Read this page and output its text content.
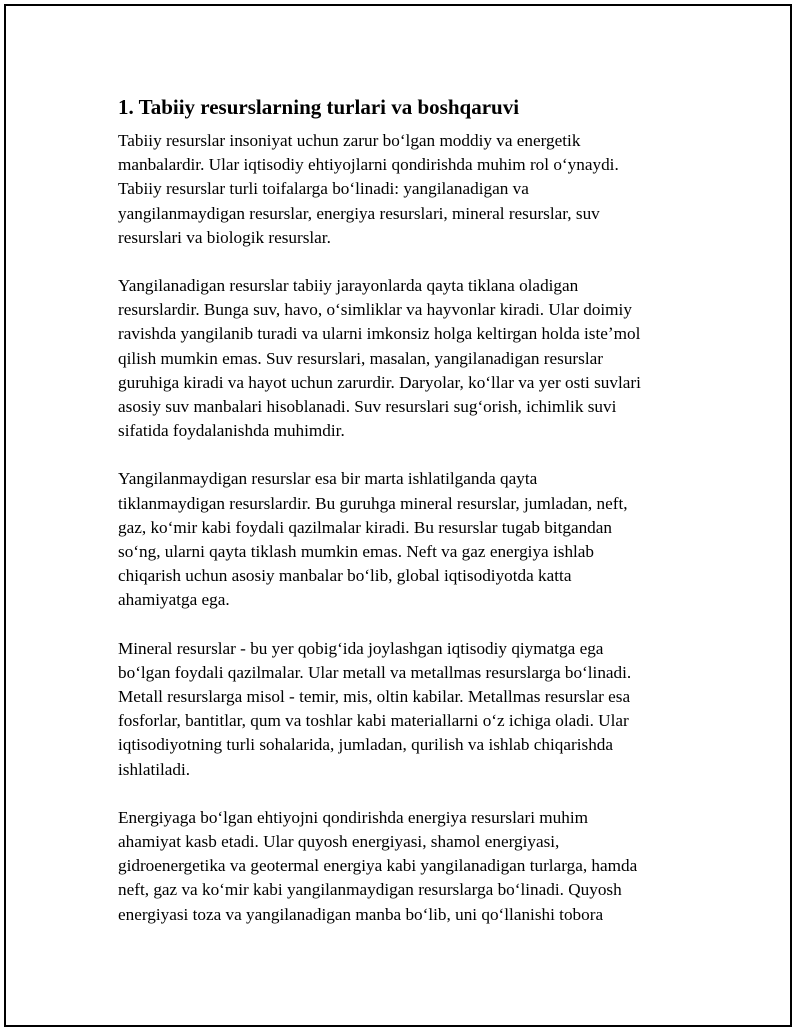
1. Tabiiy resurslarning turlari va boshqaruvi

Tabiiy resurslar insoniyat uchun zarur boʻlgan moddiy va energetik
manbalardir. Ular iqtisodiy ehtiyojlarni qondirishda muhim rol oʻynaydi.
Tabiiy resurslar turli toifalarga boʻlinadi: yangilanadigan va
yangilanmaydigan resurslar, energiya resurslari, mineral resurslar, suv
resurslari va biologik resurslar.

Yangilanadigan resurslar tabiiy jarayonlarda qayta tiklana oladigan
resurslardir. Bunga suv, havo, oʻsimliklar va hayvonlar kiradi. Ular doimiy
ravishda yangilanib turadi va ularni imkonsiz holga keltirgan holda isteʼmol
qilish mumkin emas. Suv resurslari, masalan, yangilanadigan resurslar
guruhiga kiradi va hayot uchun zarurdir. Daryolar, koʻllar va yer osti suvlari
asosiy suv manbalari hisoblanadi. Suv resurslari sugʻorish, ichimlik suvi
sifatida foydalanishda muhimdir.

Yangilanmaydigan resurslar esa bir marta ishlatilganda qayta
tiklanmaydigan resurslardir. Bu guruhga mineral resurslar, jumladan, neft,
gaz, koʻmir kabi foydali qazilmalar kiradi. Bu resurslar tugab bitgandan
soʻng, ularni qayta tiklash mumkin emas. Neft va gaz energiya ishlab
chiqarish uchun asosiy manbalar boʻlib, global iqtisodiyotda katta
ahamiyatga ega.

Mineral resurslar - bu yer qobigʻida joylashgan iqtisodiy qiymatga ega
boʻlgan foydali qazilmalar. Ular metall va metallmas resurslarga boʻlinadi.
Metall resurslarga misol - temir, mis, oltin kabilar. Metallmas resurslar esa
fosforlar, bantitlar, qum va toshlar kabi materiallarni oʻz ichiga oladi. Ular
iqtisodiyotning turli sohalarida, jumladan, qurilish va ishlab chiqarishda
ishlatiladi.

Energiyaga boʻlgan ehtiyojni qondirishda energiya resurslari muhim
ahamiyat kasb etadi. Ular quyosh energiyasi, shamol energiyasi,
gidroenergetika va geotermal energiya kabi yangilanadigan turlarga, hamda
neft, gaz va koʻmir kabi yangilanmaydigan resurslarga boʻlinadi. Quyosh
energiyasi toza va yangilanadigan manba boʻlib, uni qoʻllanishi tobora
